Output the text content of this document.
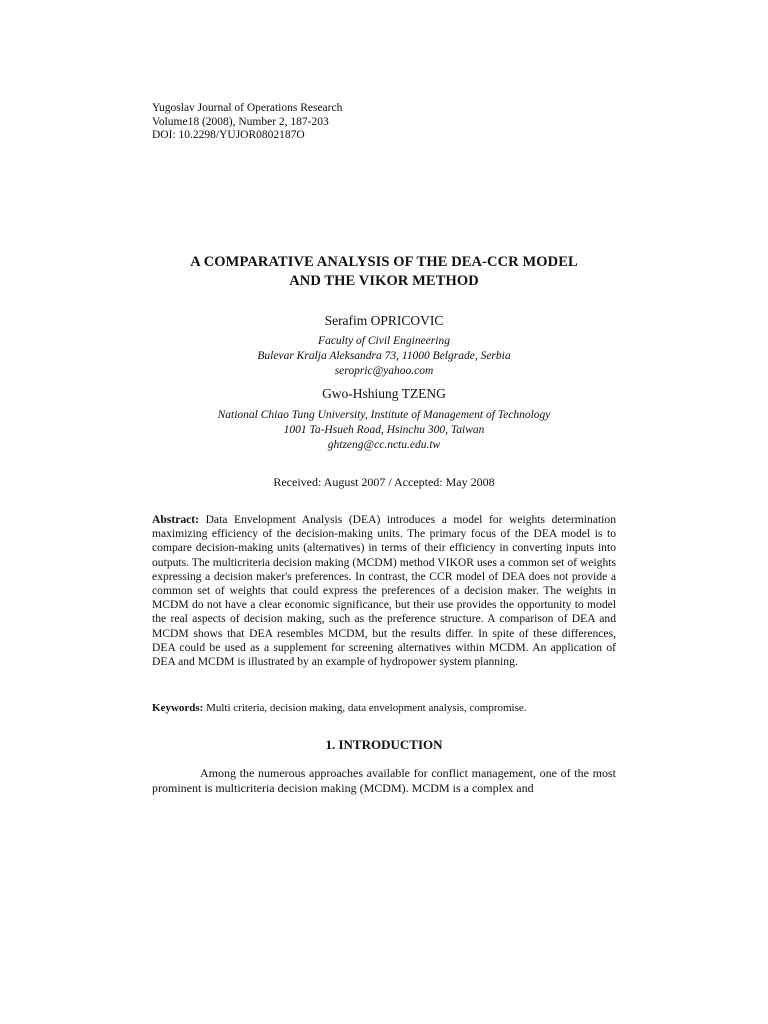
Yugoslav Journal of Operations Research
Volume18 (2008), Number 2, 187-203
DOI: 10.2298/YUJOR0802187O
A COMPARATIVE ANALYSIS OF THE DEA-CCR MODEL
AND THE VIKOR METHOD
Serafim OPRICOVIC
Faculty of Civil Engineering
Bulevar Kralja Aleksandra 73, 11000 Belgrade, Serbia
seropric@yahoo.com
Gwo-Hshiung TZENG
National Chiao Tung University, Institute of Management of Technology
1001 Ta-Hsueh Road, Hsinchu 300, Taiwan
ghtzeng@cc.nctu.edu.tw
Received: August 2007 / Accepted: May 2008
Abstract: Data Envelopment Analysis (DEA) introduces a model for weights determination maximizing efficiency of the decision-making units. The primary focus of the DEA model is to compare decision-making units (alternatives) in terms of their efficiency in converting inputs into outputs. The multicriteria decision making (MCDM) method VIKOR uses a common set of weights expressing a decision maker's preferences. In contrast, the CCR model of DEA does not provide a common set of weights that could express the preferences of a decision maker. The weights in MCDM do not have a clear economic significance, but their use provides the opportunity to model the real aspects of decision making, such as the preference structure. A comparison of DEA and MCDM shows that DEA resembles MCDM, but the results differ. In spite of these differences, DEA could be used as a supplement for screening alternatives within MCDM. An application of DEA and MCDM is illustrated by an example of hydropower system planning.
Keywords: Multi criteria, decision making, data envelopment analysis, compromise.
1. INTRODUCTION
Among the numerous approaches available for conflict management, one of the most prominent is multicriteria decision making (MCDM). MCDM is a complex and
